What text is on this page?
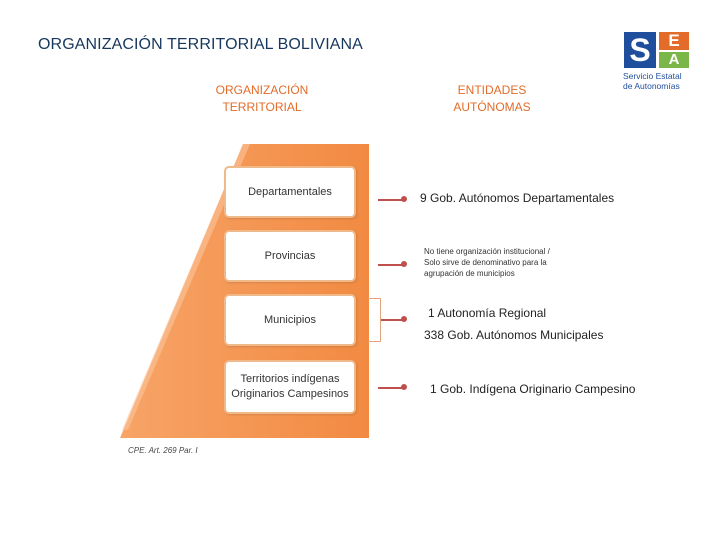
ORGANIZACIÓN TERRITORIAL BOLIVIANA
ORGANIZACIÓN
TERRITORIAL
ENTIDADES
AUTÓNOMAS
S	E
A
Servicio Estatal
de Autonomías
Departamentales
Provincias
Municipios
Territorios indígenas
Originarios Campesinos
9 Gob. Autónomos Departamentales
No tiene organización institucional /
Solo sirve de denominativo para la
agrupación de municipios
1 Autonomía Regional
338 Gob. Autónomos Municipales
1 Gob. Indígena Originario Campesino
CPE. Art. 269 Par. I
